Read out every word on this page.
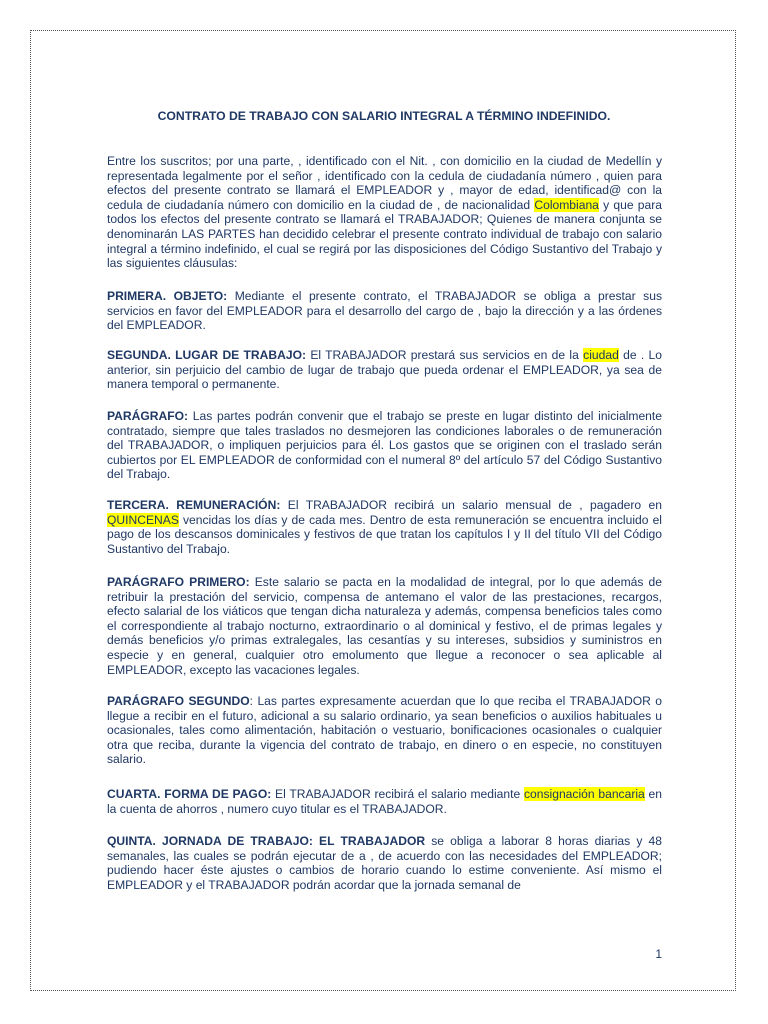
CONTRATO DE TRABAJO CON SALARIO INTEGRAL A TÉRMINO INDEFINIDO.

Entre los suscritos; por una parte, , identificado con el Nit. , con domicilio en la ciudad de Medellín y representada legalmente por el señor , identificado con la cedula de ciudadanía número , quien para efectos del presente contrato se llamará el EMPLEADOR y , mayor de edad, identificad@ con la cedula de ciudadanía número con domicilio en la ciudad de , de nacionalidad Colombiana y que para todos los efectos del presente contrato se llamará el TRABAJADOR; Quienes de manera conjunta se denominarán LAS PARTES han decidido celebrar el presente contrato individual de trabajo con salario integral a término indefinido, el cual se regirá por las disposiciones del Código Sustantivo del Trabajo y las siguientes cláusulas:

PRIMERA. OBJETO: Mediante el presente contrato, el TRABAJADOR se obliga a prestar sus servicios en favor del EMPLEADOR para el desarrollo del cargo de , bajo la dirección y a las órdenes del EMPLEADOR.

SEGUNDA. LUGAR DE TRABAJO: El TRABAJADOR prestará sus servicios en de la ciudad de . Lo anterior, sin perjuicio del cambio de lugar de trabajo que pueda ordenar el EMPLEADOR, ya sea de manera temporal o permanente.

PARÁGRAFO: Las partes podrán convenir que el trabajo se preste en lugar distinto del inicialmente contratado, siempre que tales traslados no desmejoren las condiciones laborales o de remuneración del TRABAJADOR, o impliquen perjuicios para él. Los gastos que se originen con el traslado serán cubiertos por EL EMPLEADOR de conformidad con el numeral 8º del artículo 57 del Código Sustantivo del Trabajo.

TERCERA. REMUNERACIÓN: El TRABAJADOR recibirá un salario mensual de , pagadero en QUINCENAS vencidas los días y de cada mes. Dentro de esta remuneración se encuentra incluido el pago de los descansos dominicales y festivos de que tratan los capítulos I y II del título VII del Código Sustantivo del Trabajo.

PARÁGRAFO PRIMERO: Este salario se pacta en la modalidad de integral, por lo que además de retribuir la prestación del servicio, compensa de antemano el valor de las prestaciones, recargos, efecto salarial de los viáticos que tengan dicha naturaleza y además, compensa beneficios tales como el correspondiente al trabajo nocturno, extraordinario o al dominical y festivo, el de primas legales y demás beneficios y/o primas extralegales, las cesantías y su intereses, subsidios y suministros en especie y en general, cualquier otro emolumento que llegue a reconocer o sea aplicable al EMPLEADOR, excepto las vacaciones legales.

PARÁGRAFO SEGUNDO: Las partes expresamente acuerdan que lo que reciba el TRABAJADOR o llegue a recibir en el futuro, adicional a su salario ordinario, ya sean beneficios o auxilios habituales u ocasionales, tales como alimentación, habitación o vestuario, bonificaciones ocasionales o cualquier otra que reciba, durante la vigencia del contrato de trabajo, en dinero o en especie, no constituyen salario.

CUARTA. FORMA DE PAGO: El TRABAJADOR recibirá el salario mediante consignación bancaria en la cuenta de ahorros , numero cuyo titular es el TRABAJADOR.

QUINTA. JORNADA DE TRABAJO: EL TRABAJADOR se obliga a laborar 8 horas diarias y 48 semanales, las cuales se podrán ejecutar de a , de acuerdo con las necesidades del EMPLEADOR; pudiendo hacer éste ajustes o cambios de horario cuando lo estime conveniente. Así mismo el EMPLEADOR y el TRABAJADOR podrán acordar que la jornada semanal de

1
